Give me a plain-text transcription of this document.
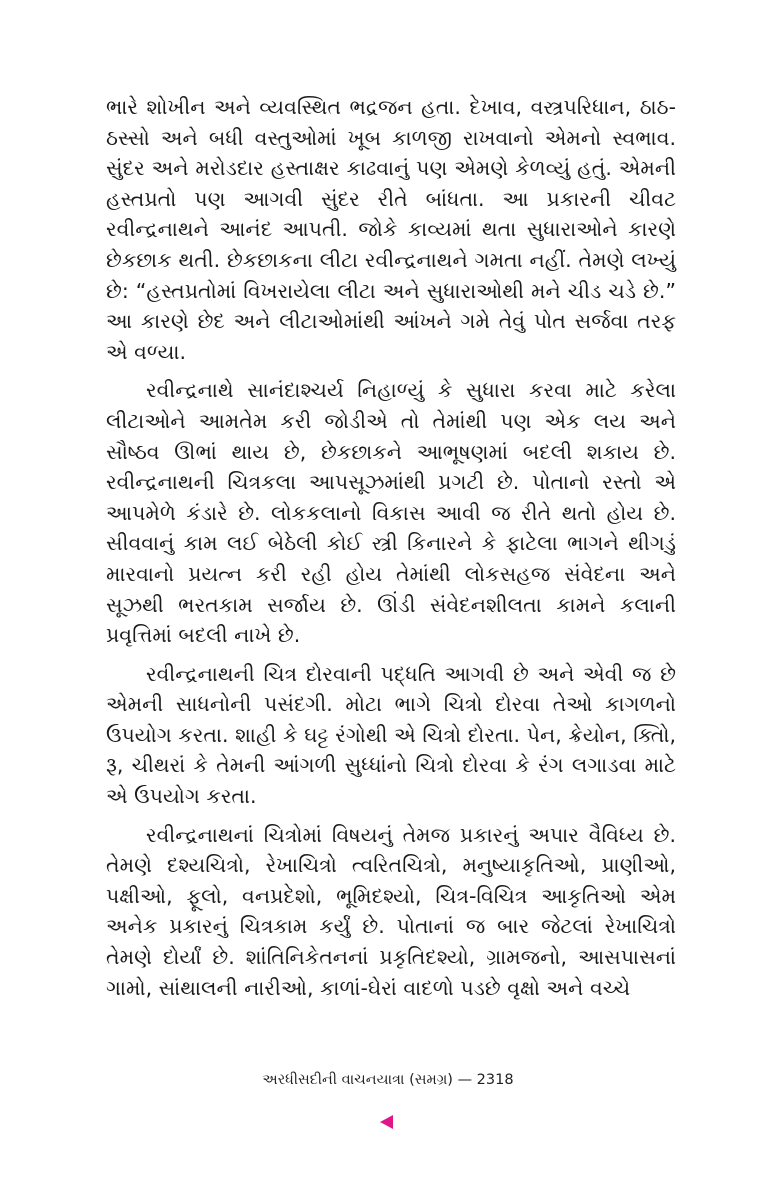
ભારે શોખીન અને વ્યવસ્થિત ભદ્રજન હતા. દેખાવ, વસ્ત્રપરિધાન, ઠાઠ-ઠસ્સો અને બધી વસ્તુઓમાં ખૂબ કાળજી રાખવાનો એમનો સ્વભાવ. સુંદર અને મરોડદાર હસ્તાક્ષર કાઢવાનું પણ એમણે કેળવ્યું હતું. એમની હસ્તપ્રતો પણ આગવી સુંદર રીતે બાંધતા. આ પ્રકારની ચીવટ રવીન્દ્રનાથને આનંદ આપતી. જોકે કાવ્યમાં થતા સુધારાઓને કારણે છેકછાક થતી. છેકછાકના લીટા રવીન્દ્રનાથને ગમતા નહીં. તેમણે લખ્યું છે: “હસ્તપ્રતોમાં વિખરાયેલા લીટા અને સુધારાઓથી મને ચીડ ચડે છે.” આ કારણે છેદ અને લીટાઓમાંથી આંખને ગમે તેવું પોત સર્જવા તરફ એ વળ્યા.

રવીન્દ્રનાથે સાનંદાશ્ચર્ય નિહાળ્યું કે સુધારા કરવા માટે કરેલા લીટાઓને આમતેમ કરી જોડીએ તો તેમાંથી પણ એક લય અને સૌષ્ઠવ ઊભાં થાય છે, છેકછાકને આભૂષણમાં બદલી શકાય છે. રવીન્દ્રનાથની ચિત્રકલા આપસૂઝમાંથી પ્રગટી છે. પોતાનો રસ્તો એ આપમેળે કંડારે છે. લોકકલાનો વિકાસ આવી જ રીતે થતો હોય છે. સીવવાનું કામ લઈ બેઠેલી કોઈ સ્ત્રી કિનારને કે ફાટેલા ભાગને થીગડું મારવાનો પ્રયત્ન કરી રહી હોય તેમાંથી લોકસહજ સંવેદના અને સૂઝથી ભરતકામ સર્જાય છે. ઊંડી સંવેદનશીલતા કામને કલાની પ્રવૃત્તિમાં બદલી નાખે છે.

રવીન્દ્રનાથની ચિત્ર દોરવાની પદ્ધતિ આગવી છે અને એવી જ છે એમની સાધનોની પસંદગી. મોટા ભાગે ચિત્રો દોરવા તેઓ કાગળનો ઉપયોગ કરતા. શાહી કે ઘટ્ટ રંગોથી એ ચિત્રો દોરતા. પેન, ક્રેયોન, ક્તિો, રૂ, ચીથરાં કે તેમની આંગળી સુધ્ધાંનો ચિત્રો દોરવા કે રંગ લગાડવા માટે એ ઉપયોગ કરતા.

રવીન્દ્રનાથનાં ચિત્રોમાં વિષયનું તેમજ પ્રકારનું અપાર વૈવિધ્ય છે. તેમણે દશ્યચિત્રો, રેખાચિત્રો ત્વરિતચિત્રો, મનુષ્યાકૃતિઓ, પ્રાણીઓ, પક્ષીઓ, ફૂલો, વનપ્રદેશો, ભૂમિદશ્યો, ચિત્ર-વિચિત્ર આકૃતિઓ એમ અનેક પ્રકારનું ચિત્રકામ કર્યું છે. પોતાનાં જ બાર જેટલાં રેખાચિત્રો તેમણે દોર્યાં છે. શાંતિનિકેતનનાં પ્રકૃતિદશ્યો, ગ્રામજનો, આસપાસનાં ગામો, સાંથાલની નારીઓ, કાળાં-ઘેરાં વાદળો પડછે વૃક્ષો અને વચ્ચે

અરધીસદીની વાચનયાત્રા (સમગ્ર) — 2318
